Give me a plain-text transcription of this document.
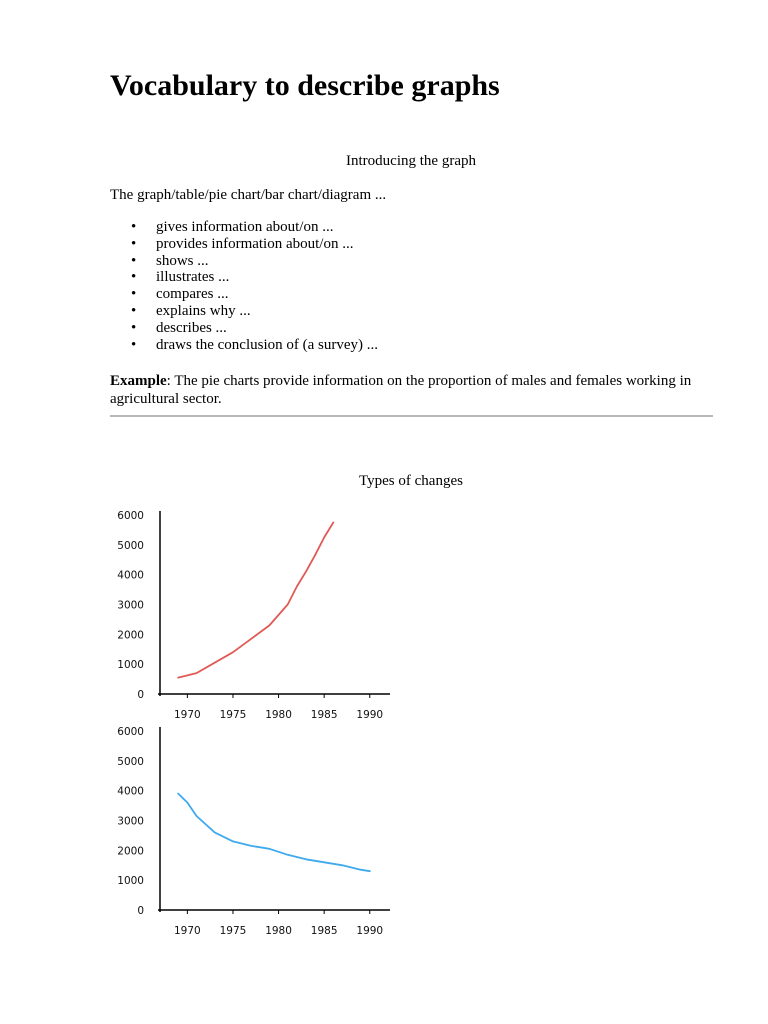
Vocabulary to describe graphs
Introducing the graph
The graph/table/pie chart/bar chart/diagram ...
• gives information about/on ...
• provides information about/on ...
• shows ...
• illustrates ...
• compares ...
• explains why ...
• describes ...
• draws the conclusion of (a survey) ...
Example: The pie charts provide information on the proportion of males and females working in agricultural sector.
Types of changes
0
1000
2000
3000
4000
5000
6000
1970 1975 1980 1985 1990
0
1000
2000
3000
4000
5000
6000
1970 1975 1980 1985 1990
